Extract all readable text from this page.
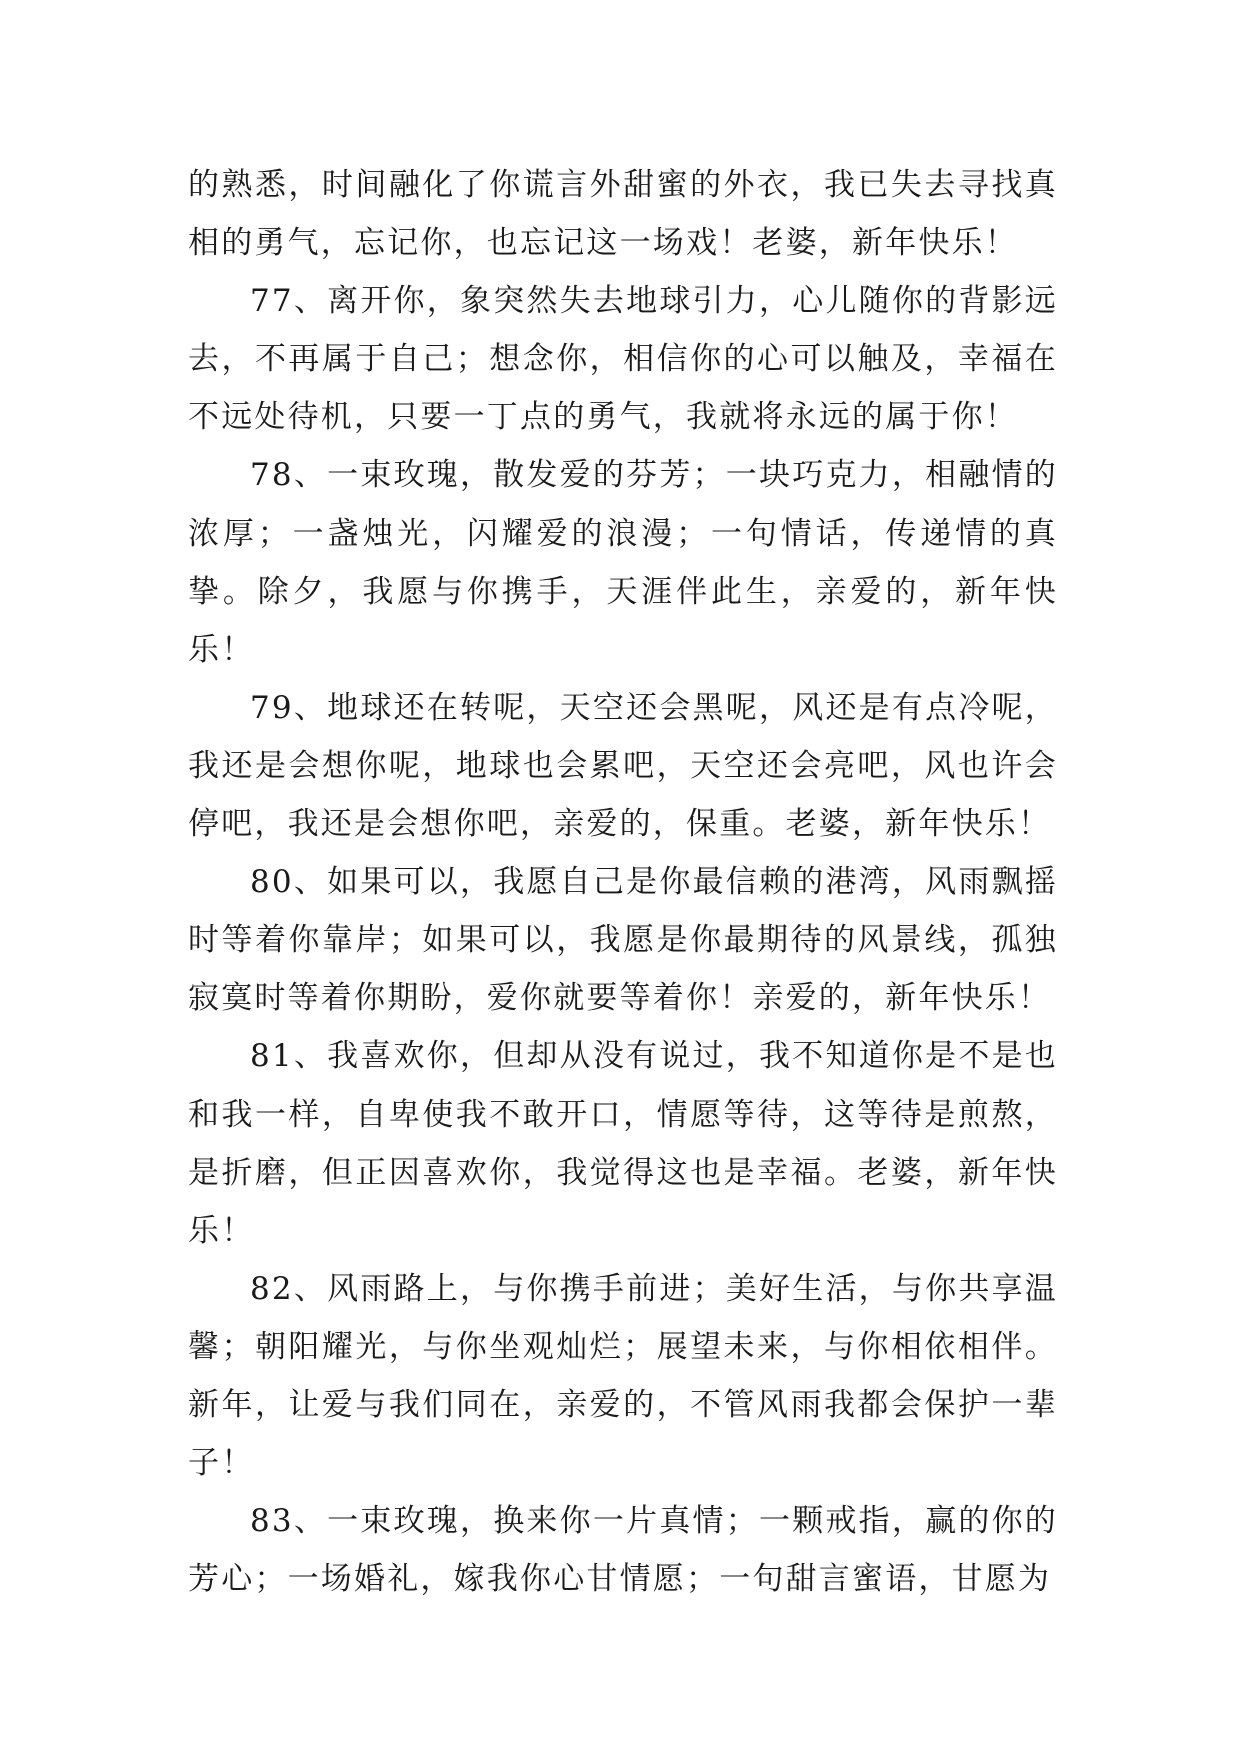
的熟悉，时间融化了你谎言外甜蜜的外衣，我已失去寻找真相的勇气，忘记你，也忘记这一场戏！老婆，新年快乐！

77、离开你，象突然失去地球引力，心儿随你的背影远去，不再属于自己；想念你，相信你的心可以触及，幸福在不远处待机，只要一丁点的勇气，我就将永远的属于你！

78、一束玫瑰，散发爱的芬芳；一块巧克力，相融情的浓厚；一盏烛光，闪耀爱的浪漫；一句情话，传递情的真挚。除夕，我愿与你携手，天涯伴此生，亲爱的，新年快乐！

79、地球还在转呢，天空还会黑呢，风还是有点冷呢，我还是会想你呢，地球也会累吧，天空还会亮吧，风也许会停吧，我还是会想你吧，亲爱的，保重。老婆，新年快乐！

80、如果可以，我愿自己是你最信赖的港湾，风雨飘摇时等着你靠岸；如果可以，我愿是你最期待的风景线，孤独寂寞时等着你期盼，爱你就要等着你！亲爱的，新年快乐！

81、我喜欢你，但却从没有说过，我不知道你是不是也和我一样，自卑使我不敢开口，情愿等待，这等待是煎熬，是折磨，但正因喜欢你，我觉得这也是幸福。老婆，新年快乐！

82、风雨路上，与你携手前进；美好生活，与你共享温馨；朝阳耀光，与你坐观灿烂；展望未来，与你相依相伴。新年，让爱与我们同在，亲爱的，不管风雨我都会保护一辈子！

83、一束玫瑰，换来你一片真情；一颗戒指，赢的你的芳心；一场婚礼，嫁我你心甘情愿；一句甜言蜜语，甘愿为
